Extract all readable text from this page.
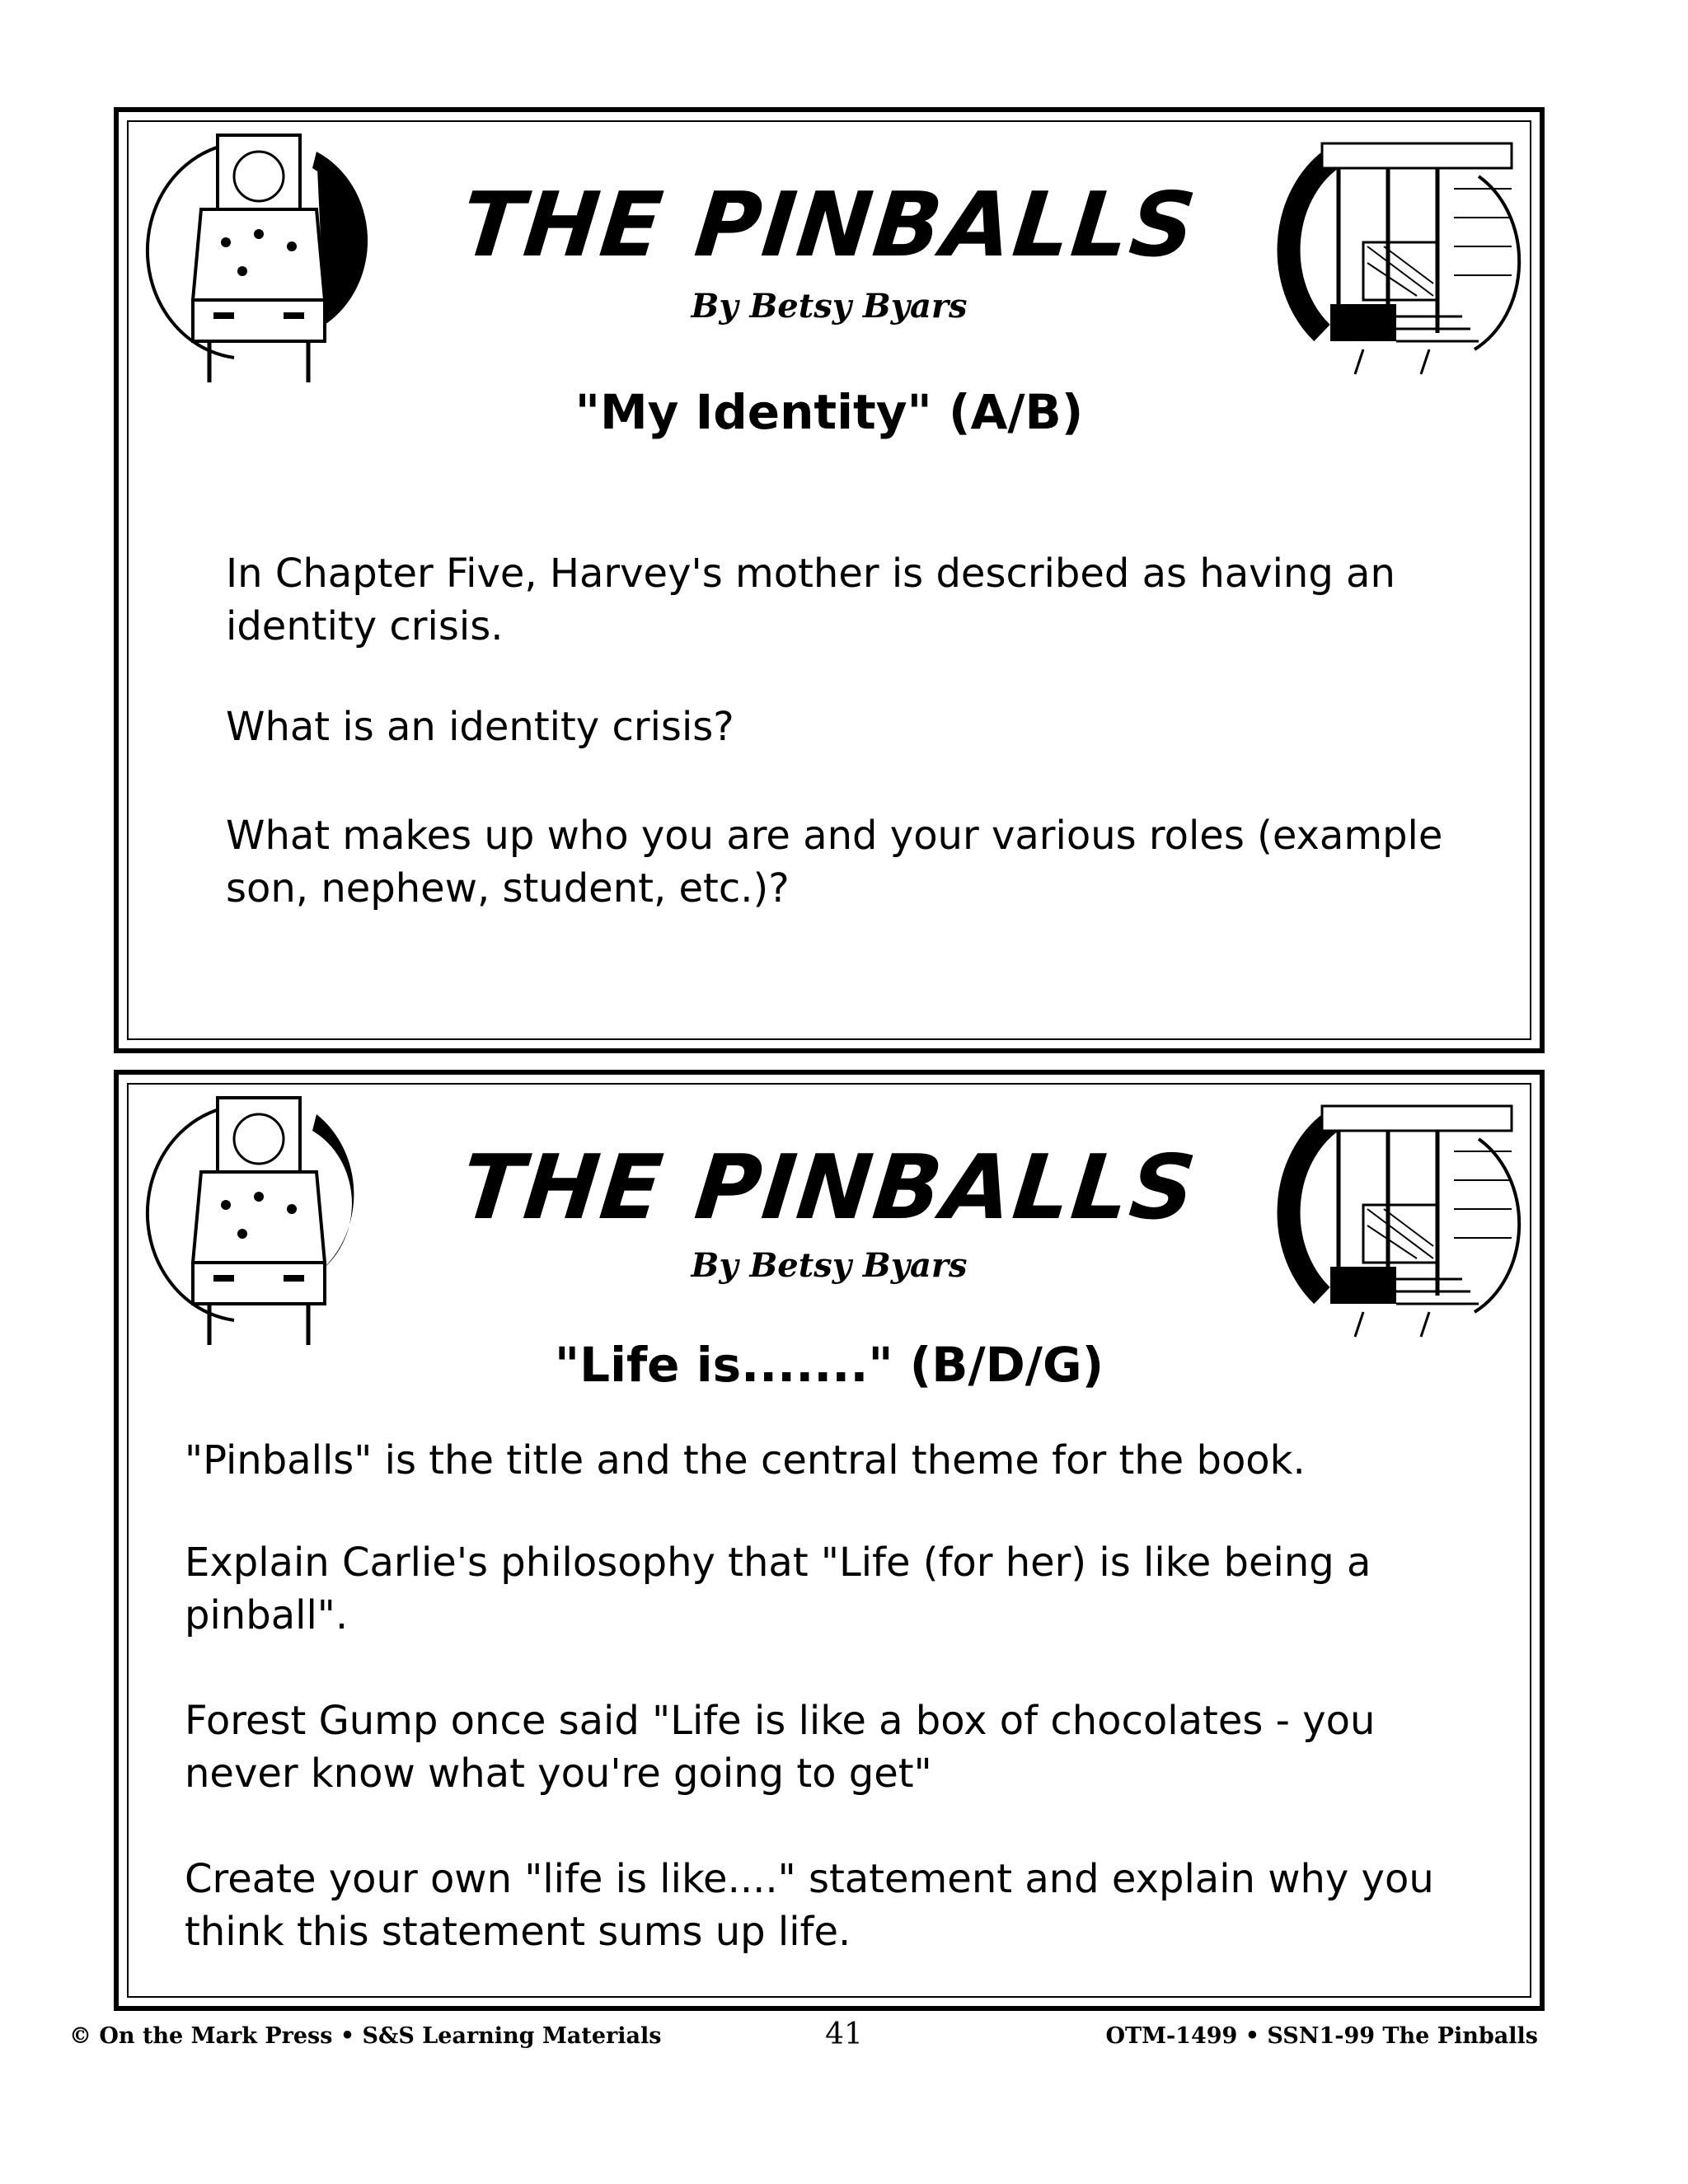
THE PINBALLS
By Betsy Byars
"My Identity" (A/B)

In Chapter Five, Harvey's mother is described as having an identity crisis.

What is an identity crisis?

What makes up who you are and your various roles (example son, nephew, student, etc.)?

THE PINBALLS
By Betsy Byars
"Life is......." (B/D/G)

"Pinballs" is the title and the central theme for the book.

Explain Carlie's philosophy that "Life (for her) is like being a pinball".

Forest Gump once said "Life is like a box of chocolates - you never know what you're going to get"

Create your own "life is like...." statement and explain why you think this statement sums up life.

© On the Mark Press • S&S Learning Materials	41	OTM-1499 • SSN1-99 The Pinballs
